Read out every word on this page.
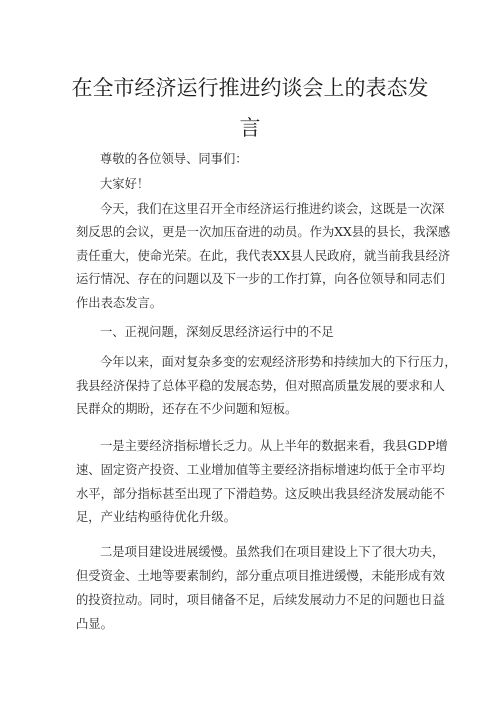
在全市经济运行推进约谈会上的表态发
言
尊敬的各位领导、同事们：
大家好！
今天，我们在这里召开全市经济运行推进约谈会，这既是一次深
刻反思的会议，更是一次加压奋进的动员。作为XX县的县长，我深感
责任重大，使命光荣。在此，我代表XX县人民政府，就当前我县经济
运行情况、存在的问题以及下一步的工作打算，向各位领导和同志们
作出表态发言。
一、正视问题，深刻反思经济运行中的不足
今年以来，面对复杂多变的宏观经济形势和持续加大的下行压力，
我县经济保持了总体平稳的发展态势，但对照高质量发展的要求和人
民群众的期盼，还存在不少问题和短板。
一是主要经济指标增长乏力。从上半年的数据来看，我县GDP增
速、固定资产投资、工业增加值等主要经济指标增速均低于全市平均
水平，部分指标甚至出现了下滑趋势。这反映出我县经济发展动能不
足，产业结构亟待优化升级。
二是项目建设进展缓慢。虽然我们在项目建设上下了很大功夫，
但受资金、土地等要素制约，部分重点项目推进缓慢，未能形成有效
的投资拉动。同时，项目储备不足，后续发展动力不足的问题也日益
凸显。
